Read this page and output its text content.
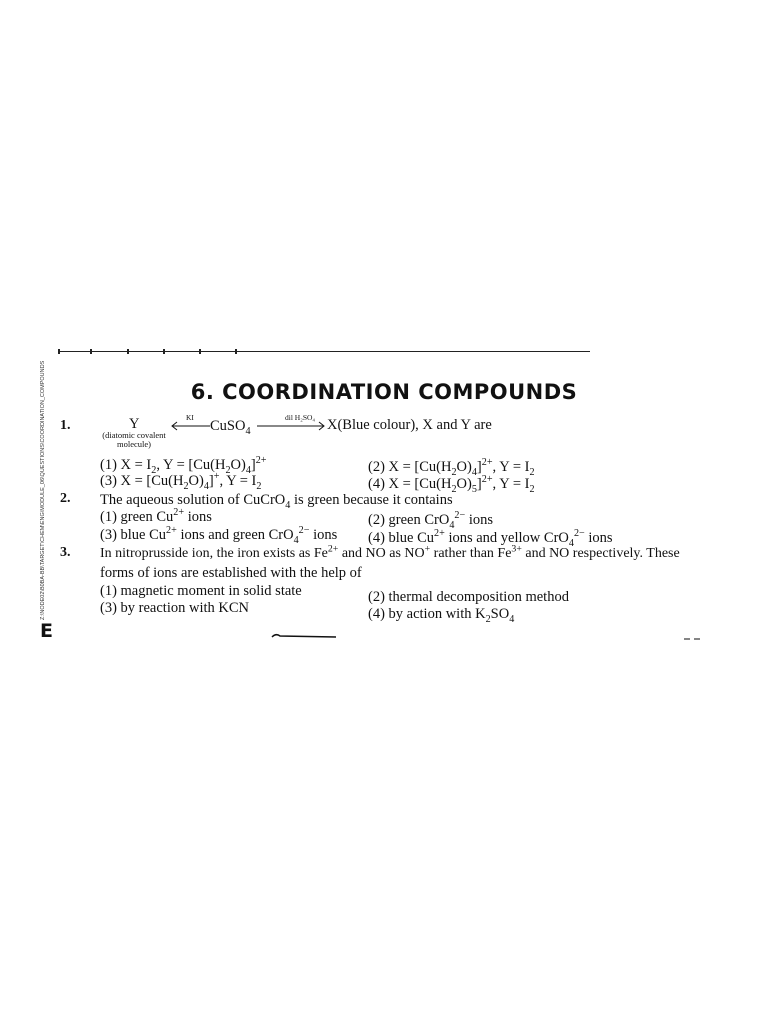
6. COORDINATION COMPOUNDS
1.	Y
(diatomic covalent
molecule)
KI
CuSO$_4$
dil H₂SO₄ X(Blue colour), X and Y are
(1) $X = I_2$, $Y = [Cu(H_2O)_4]^{2+}$	(2) $X = [Cu(H_2O)_4]^{2+}$, $Y = I_2$
(3) $X = [Cu(H_2O)_4]^+$, $Y = I_2$	(4) $X = [Cu(H_2O)_5]^{2+}$, $Y = I_2$
2. The aqueous solution of CuCrO$_4$ is green because it contains
(1) green $Cu^{2+}$ ions	(2) green CrO$_4^{2-}$ ions
(3) blue $Cu^{2+}$ ions and green CrO$_4^{2-}$ ions (4) blue $Cu^{2+}$ ions and yellow CrO$_4^{2-}$ ions
3. In nitroprusside ion, the iron exists as $Fe^{2+}$ and NO as NO+ rather than $Fe^{3+}$ and NO respectively. These
forms of ions are established with the help of
(1) magnetic moment in solid state	(2) thermal decomposition method
(3) by reaction with KCN	(4) by action with $K_2SO_4$
Z:\NODE02\B0BA-BB\TARGET\CHEM\ENG\MODULE_06\QUESTIONS\COORDINATION_COMPOUNDS
E
